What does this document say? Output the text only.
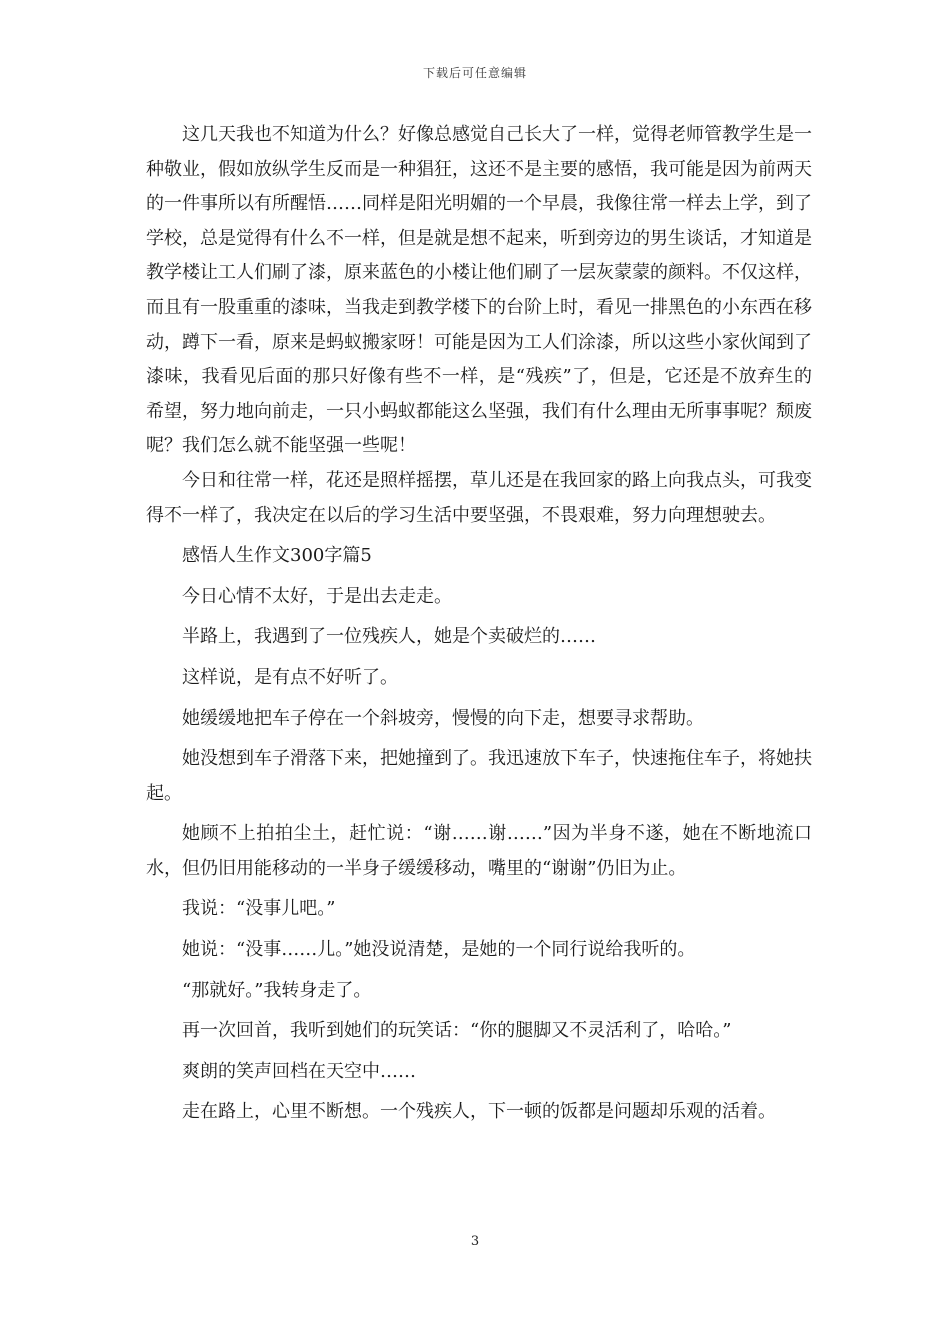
下载后可任意编辑

这几天我也不知道为什么？好像总感觉自己长大了一样，觉得老师管教学生是一种敬业，假如放纵学生反而是一种猖狂，这还不是主要的感悟，我可能是因为前两天的一件事所以有所醒悟……同样是阳光明媚的一个早晨，我像往常一样去上学，到了学校，总是觉得有什么不一样，但是就是想不起来，听到旁边的男生谈话，才知道是教学楼让工人们刷了漆，原来蓝色的小楼让他们刷了一层灰蒙蒙的颜料。不仅这样，而且有一股重重的漆味，当我走到教学楼下的台阶上时，看见一排黑色的小东西在移动，蹲下一看，原来是蚂蚁搬家呀！可能是因为工人们涂漆，所以这些小家伙闻到了漆味，我看见后面的那只好像有些不一样，是“残疾”了，但是，它还是不放弃生的希望，努力地向前走，一只小蚂蚁都能这么坚强，我们有什么理由无所事事呢？颓废呢？我们怎么就不能坚强一些呢！

今日和往常一样，花还是照样摇摆，草儿还是在我回家的路上向我点头，可我变得不一样了，我决定在以后的学习生活中要坚强，不畏艰难，努力向理想驶去。

感悟人生作文300字篇5

今日心情不太好，于是出去走走。

半路上，我遇到了一位残疾人，她是个卖破烂的……

这样说，是有点不好听了。

她缓缓地把车子停在一个斜坡旁，慢慢的向下走，想要寻求帮助。

她没想到车子滑落下来，把她撞到了。我迅速放下车子，快速拖住车子，将她扶起。

她顾不上拍拍尘土，赶忙说：“谢……谢……”因为半身不遂，她在不断地流口水，但仍旧用能移动的一半身子缓缓移动，嘴里的“谢谢”仍旧为止。

我说：“没事儿吧。”

她说：“没事……儿。”她没说清楚，是她的一个同行说给我听的。

“那就好。”我转身走了。

再一次回首，我听到她们的玩笑话：“你的腿脚又不灵活利了，哈哈。”

爽朗的笑声回档在天空中……

走在路上，心里不断想。一个残疾人，下一顿的饭都是问题却乐观的活着。

3
